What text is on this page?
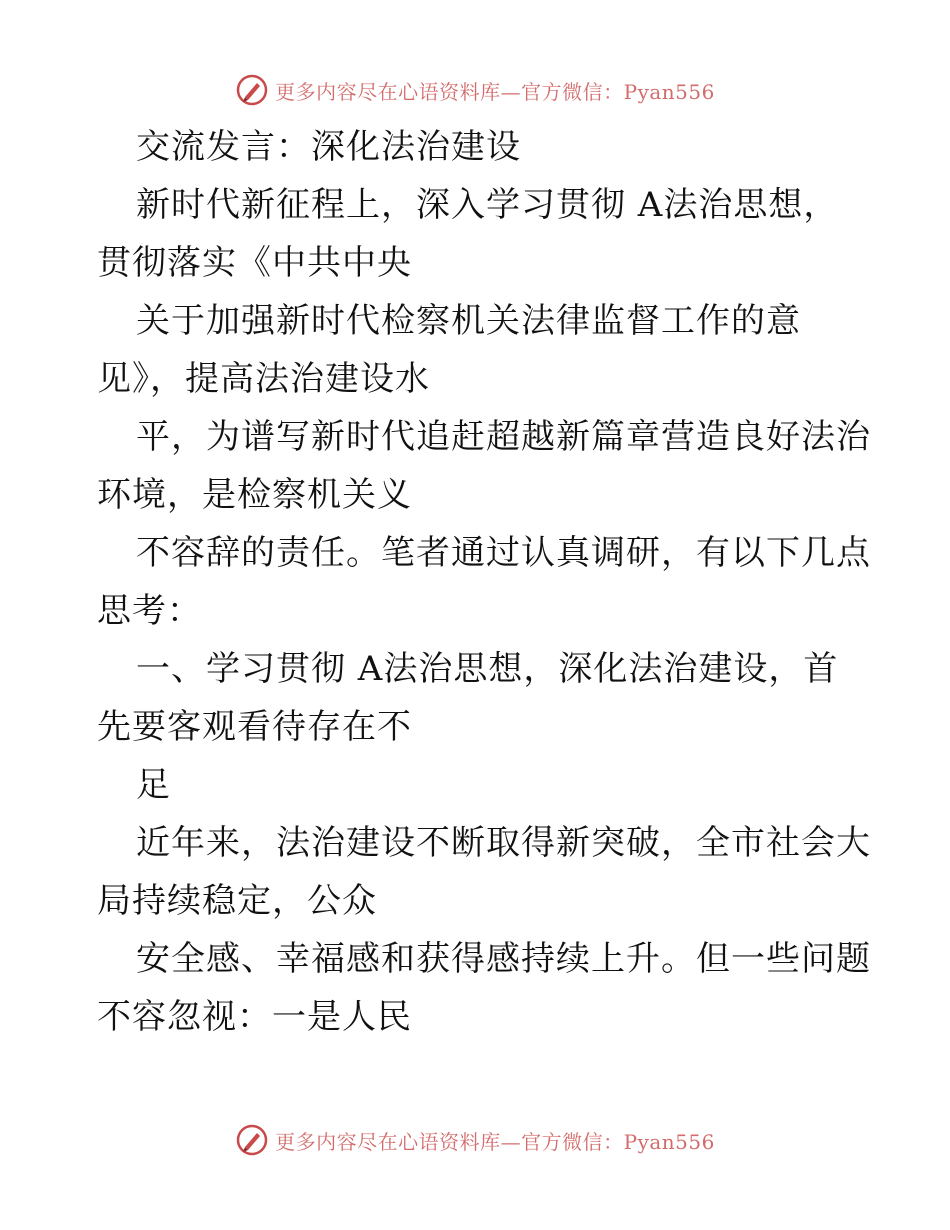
更多内容尽在心语资料库—官方微信：Pyan556
交流发言：深化法治建设
新时代新征程上，深入学习贯彻 A法治思想，
贯彻落实《中共中央
关于加强新时代检察机关法律监督工作的意
见》，提高法治建设水
平，为谱写新时代追赶超越新篇章营造良好法治
环境，是检察机关义
不容辞的责任。笔者通过认真调研，有以下几点
思考：
一、学习贯彻 A法治思想，深化法治建设，首
先要客观看待存在不
足
近年来，法治建设不断取得新突破，全市社会大
局持续稳定，公众
安全感、幸福感和获得感持续上升。但一些问题
不容忽视：一是人民
更多内容尽在心语资料库—官方微信：Pyan556
